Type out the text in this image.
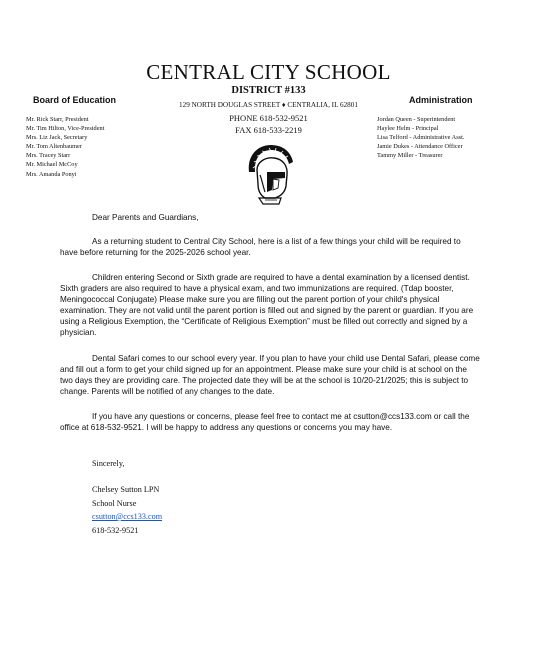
CENTRAL CITY SCHOOL
DISTRICT #133
129 NORTH DOUGLAS STREET ♦ CENTRALIA, IL 62801
PHONE 618-532-9521
FAX 618-533-2219
Board of Education
Mr. Rick Starr, President
Mr. Tim Hilton, Vice-President
Mrs. Liz Jack, Secretary
Mr. Tom Altenbaumer
Mrs. Tracey Starr
Mr. Michael McCoy
Mrs. Amanda Ponyi
Administration
Jordan Queen - Superintendent
Haylee Helm - Principal
Lisa Telford - Administrative Asst.
Jamie Dukes - Attendance Officer
Tammy Miller - Treasurer
Dear Parents and Guardians,

As a returning student to Central City School, here is a list of a few things your child will be required to have before returning for the 2025-2026 school year.

Children entering Second or Sixth grade are required to have a dental examination by a licensed dentist. Sixth graders are also required to have a physical exam, and two immunizations are required. (Tdap booster, Meningococcal Conjugate) Please make sure you are filling out the parent portion of your child's physical examination. They are not valid until the parent portion is filled out and signed by the parent or guardian. If you are using a Religious Exemption, the “Certificate of Religious Exemption” must be filled out correctly and signed by a physician.

Dental Safari comes to our school every year. If you plan to have your child use Dental Safari, please come and fill out a form to get your child signed up for an appointment. Please make sure your child is at school on the two days they are providing care. The projected date they will be at the school is 10/20-21/2025; this is subject to change. Parents will be notified of any changes to the date.

If you have any questions or concerns, please feel free to contact me at csutton@ccs133.com or call the office at 618-532-9521. I will be happy to address any questions or concerns you may have.

Sincerely,
Chelsey Sutton LPN
School Nurse
csutton@ccs133.com
618-532-9521
